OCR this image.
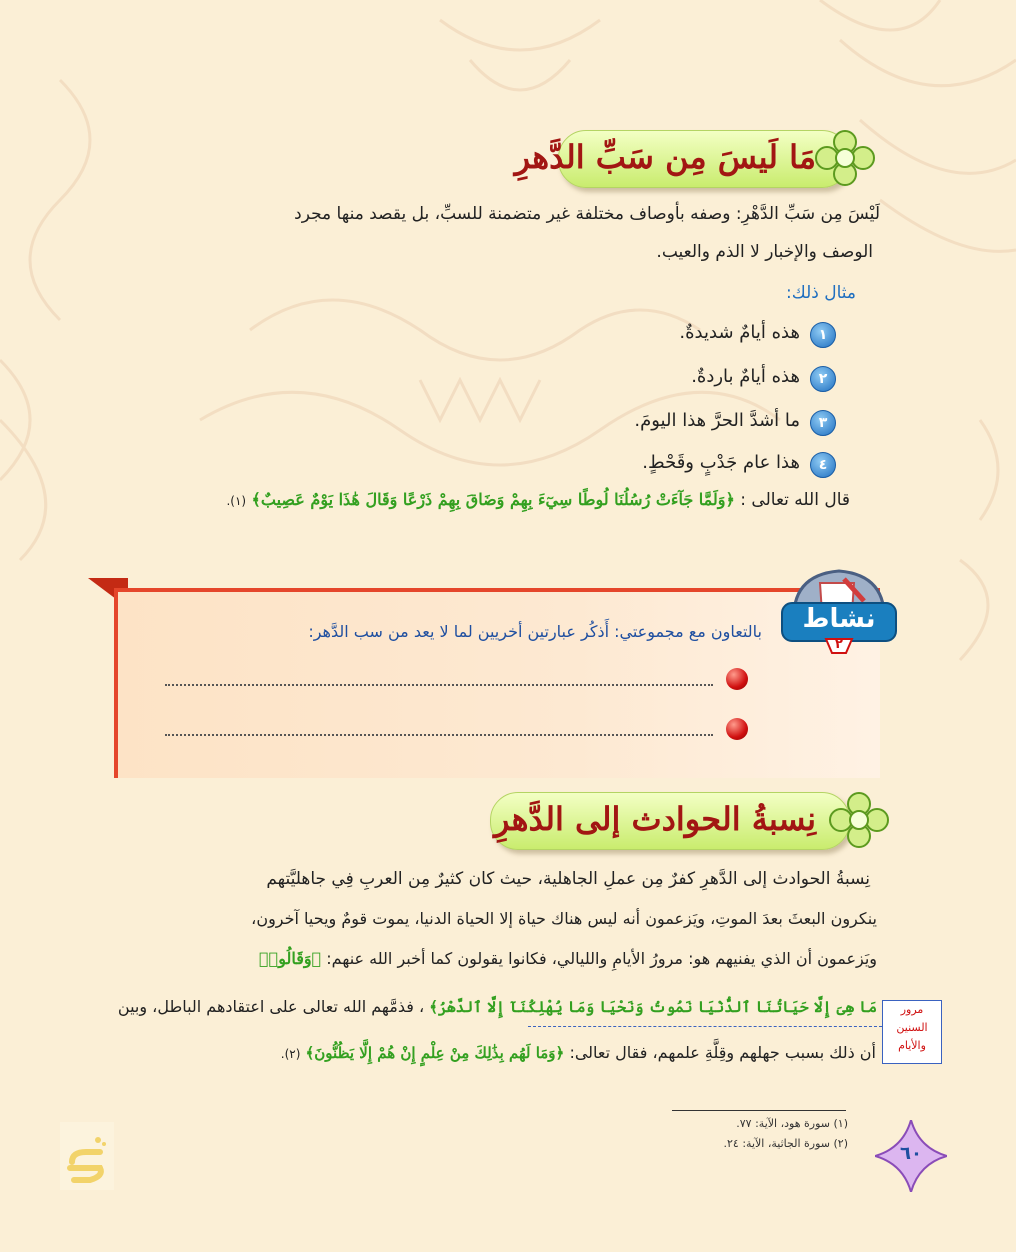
مَا لَيسَ مِن سَبِّ الدَّهرِ
لَيْسَ مِن سَبِّ الدَّهْرِ: وصفه بأوصاف مختلفة غير متضمنة للسبِّ، بل يقصد منها مجرد
الوصف والإخبار لا الذم والعيب.
مثال ذلك:
١
هذه أيامٌ شديدةٌ.
٢
هذه أيامٌ باردةٌ.
٣
ما أشدَّ الحرَّ هذا اليومَ.
٤
هذا عام جَدْبٍ وقَحْطٍ.
قال الله تعالى : ﴿وَلَمَّا جَآءَتْ رُسُلُنَا لُوطًا سِيٓءَ بِهِمْ وَضَاقَ بِهِمْ ذَرْعًا وَقَالَ هَٰذَا يَوْمٌ عَصِيبٌ﴾ (١).
بالتعاون مع مجموعتي: أَذكُر عبارتين أخريين لما لا يعد من سب الدَّهر:	نشاط
٢
نِسبةُ الحوادث إلى الدَّهرِ
نِسبةُ الحوادث إلى الدَّهرِ كفرٌ مِن عملِ الجاهلية، حيث كان كثيرٌ مِن العربِ فِي جاهليَّتهم
ينكرون البعثَ بعدَ الموتِ، ويَزعمون أنه ليس هناك حياة إلا الحياة الدنيا، يموت قومٌ ويحيا آخرون،
ويَزعمون أن الذي يفنيهم هو: مرورُ الأيامِ والليالي، فكانوا يقولون كما أخبر الله عنهم: ﴿وَقَالُوا۟
مَا هِىَ إِلَّا حَيَاتُنَا ٱلدُّنْيَا نَمُوتُ وَنَحْيَا وَمَا يُهْلِكُنَآ إِلَّا ٱلدَّهْرُ﴾ ، فذمَّهم الله تعالى على اعتقادهم الباطل، وبين
أن ذلك بسبب جهلهم وقِلَّةِ علمهم، فقال تعالى: ﴿وَمَا لَهُم بِذَٰلِكَ مِنْ عِلْمٍ إِنْ هُمْ إِلَّا يَظُنُّونَ﴾ (٢).
مرور
السنين
والأيام
(١) سورة هود، الآية: ٧٧.
(٢) سورة الجاثية، الآية: ٢٤.	٦٠
